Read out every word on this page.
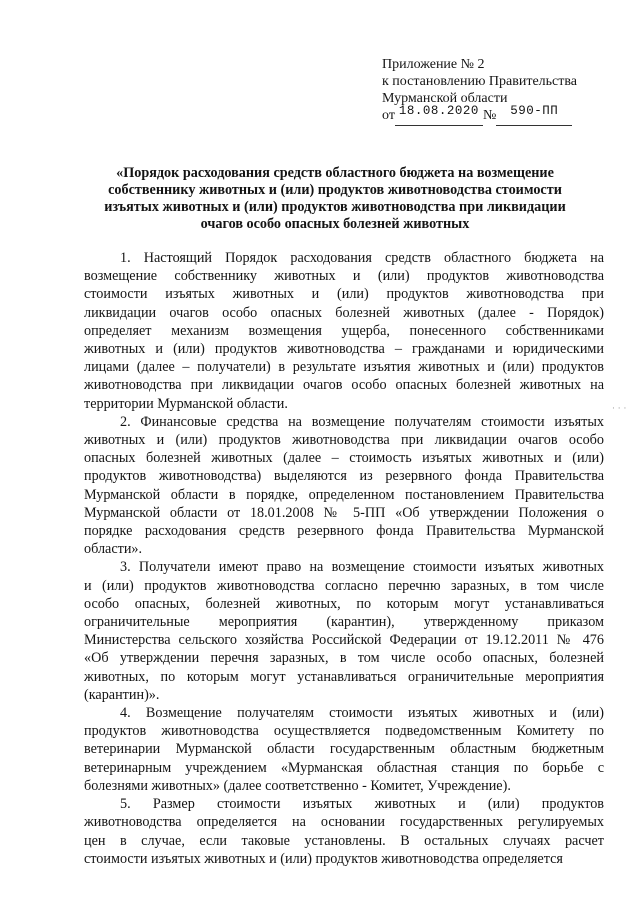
Приложение № 2
к постановлению Правительства
Мурманской области
от 18.08.2020 № 590-ПП
«Порядок расходования средств областного бюджета на возмещение
собственнику животных и (или) продуктов животноводства стоимости
изъятых животных и (или) продуктов животноводства при ликвидации
очагов особо опасных болезней животных
1. Настоящий Порядок расходования средств областного бюджета на
возмещение собственнику животных и (или) продуктов животноводства
стоимости изъятых животных и (или) продуктов животноводства при
ликвидации очагов особо опасных болезней животных (далее - Порядок)
определяет механизм возмещения ущерба, понесенного собственниками
животных и (или) продуктов животноводства – гражданами и юридическими
лицами (далее – получатели) в результате изъятия животных и (или) продуктов
животноводства при ликвидации очагов особо опасных болезней животных на
территории Мурманской области.
2. Финансовые средства на возмещение получателям стоимости изъятых
животных и (или) продуктов животноводства при ликвидации очагов особо
опасных болезней животных (далее – стоимость изъятых животных и (или)
продуктов животноводства) выделяются из резервного фонда Правительства
Мурманской области в порядке, определенном постановлением Правительства
Мурманской области от 18.01.2008 № 5-ПП «Об утверждении Положения о
порядке расходования средств резервного фонда Правительства Мурманской
области».
3. Получатели имеют право на возмещение стоимости изъятых животных
и (или) продуктов животноводства согласно перечню заразных, в том числе
особо опасных, болезней животных, по которым могут устанавливаться
ограничительные мероприятия (карантин), утвержденному приказом
Министерства сельского хозяйства Российской Федерации от 19.12.2011 № 476
«Об утверждении перечня заразных, в том числе особо опасных, болезней
животных, по которым могут устанавливаться ограничительные мероприятия
(карантин)».
4. Возмещение получателям стоимости изъятых животных и (или)
продуктов животноводства осуществляется подведомственным Комитету по
ветеринарии Мурманской области государственным областным бюджетным
ветеринарным учреждением «Мурманская областная станция по борьбе с
болезнями животных» (далее соответственно - Комитет, Учреждение).
5. Размер стоимости изъятых животных и (или) продуктов
животноводства определяется на основании государственных регулируемых
цен в случае, если таковые установлены. В остальных случаях расчет
стоимости изъятых животных и (или) продуктов животноводства определяется
· · ·
